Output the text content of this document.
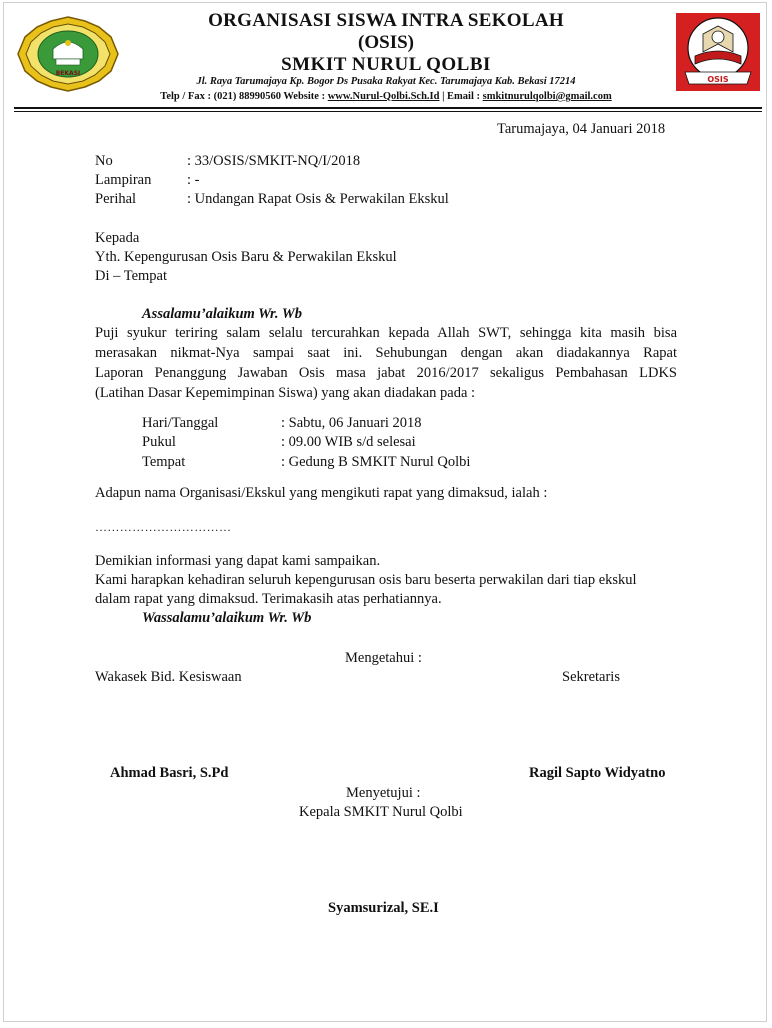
BEKASI
OSIS
ORGANISASI SISWA INTRA SEKOLAH
(OSIS)
SMKIT NURUL QOLBI
Jl. Raya Tarumajaya Kp. Bogor Ds Pusaka Rakyat Kec. Tarumajaya Kab. Bekasi 17214
Telp / Fax : (021) 88990560 Website : www.Nurul-Qolbi.Sch.Id | Email : smkitnurulqolbi@gmail.com
Tarumajaya, 04 Januari 2018
No	: 33/OSIS/SMKIT-NQ/I/2018
Lampiran : -
Perihal	: Undangan Rapat Osis & Perwakilan Ekskul
Kepada
Yth. Kepengurusan Osis Baru & Perwakilan Ekskul
Di – Tempat
Assalamu’alaikum Wr. Wb
Puji syukur teriring salam selalu tercurahkan kepada Allah SWT, sehingga kita masih bisa
merasakan nikmat-Nya sampai saat ini. Sehubungan dengan akan diadakannya Rapat
Laporan Penanggung Jawaban Osis masa jabat 2016/2017 sekaligus Pembahasan LDKS
(Latihan Dasar Kepemimpinan Siswa) yang akan diadakan pada :
Hari/Tanggal	: Sabtu, 06 Januari 2018
Pukul	: 09.00 WIB s/d selesai
Tempat	: Gedung B SMKIT Nurul Qolbi
Adapun nama Organisasi/Ekskul yang mengikuti rapat yang dimaksud, ialah :
……………………………
Demikian informasi yang dapat kami sampaikan.
Kami harapkan kehadiran seluruh kepengurusan osis baru beserta perwakilan dari tiap ekskul
dalam rapat yang dimaksud. Terimakasih atas perhatiannya.
Wassalamu’alaikum Wr. Wb
Mengetahui :
Wakasek Bid. Kesiswaan	Sekretaris
Ahmad Basri, S.Pd	Ragil Sapto Widyatno
Menyetujui :
Kepala SMKIT Nurul Qolbi
Syamsurizal, SE.I
